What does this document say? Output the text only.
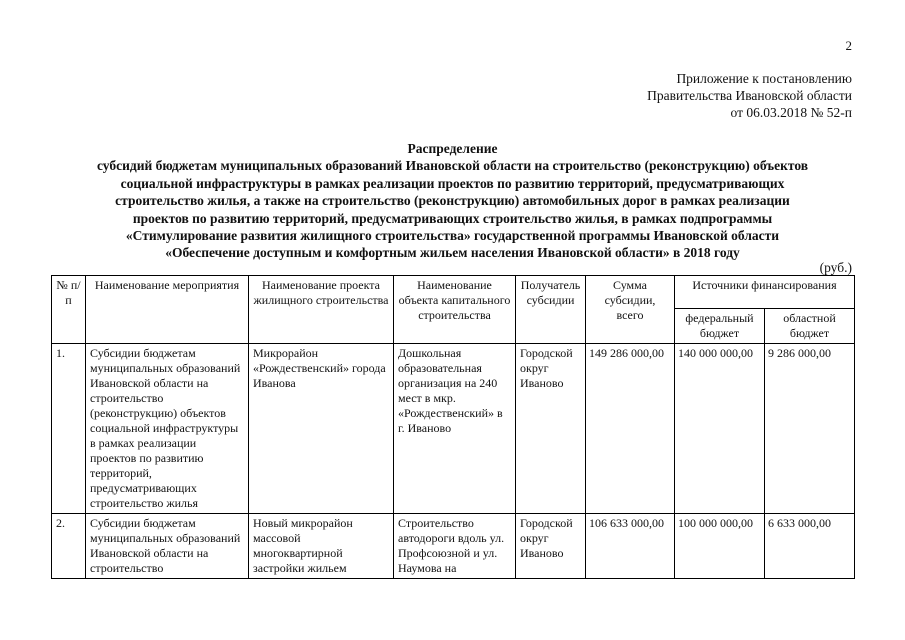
2
Приложение к постановлению
Правительства Ивановской области
от 06.03.2018 № 52-п
Распределение
субсидий бюджетам муниципальных образований Ивановской области на строительство (реконструкцию) объектов
социальной инфраструктуры в рамках реализации проектов по развитию территорий, предусматривающих
строительство жилья, а также на строительство (реконструкцию) автомобильных дорог в рамках реализации
проектов по развитию территорий, предусматривающих строительство жилья, в рамках подпрограммы
«Стимулирование развития жилищного строительства» государственной программы Ивановской области
«Обеспечение доступным и комфортным жильем населения Ивановской области» в 2018 году
(руб.)
№ п/п	Наименование мероприятия	Наименование проекта жилищного строительства	Наименование объекта капитального строительства	Получатель субсидии	Сумма субсидии, всего	Источники финансирования	
						федеральный бюджет	областной бюджет
1.	Субсидии бюджетам муниципальных образований Ивановской области на строительство (реконструкцию) объектов социальной инфраструктуры в рамках реализации проектов по развитию территорий, предусматривающих строительство жилья	Микрорайон «Рождественский» города Иванова	Дошкольная образовательная организация на 240 мест в мкр. «Рождественский» в г. Иваново	Городской округ Иваново	149 286 000,00	140 000 000,00	9 286 000,00
2.	Субсидии бюджетам муниципальных образований Ивановской области на строительство	Новый микрорайон массовой многоквартирной застройки жильем	Строительство автодороги вдоль ул. Профсоюзной и ул. Наумова на	Городской округ Иваново	106 633 000,00	100 000 000,00	6 633 000,00
